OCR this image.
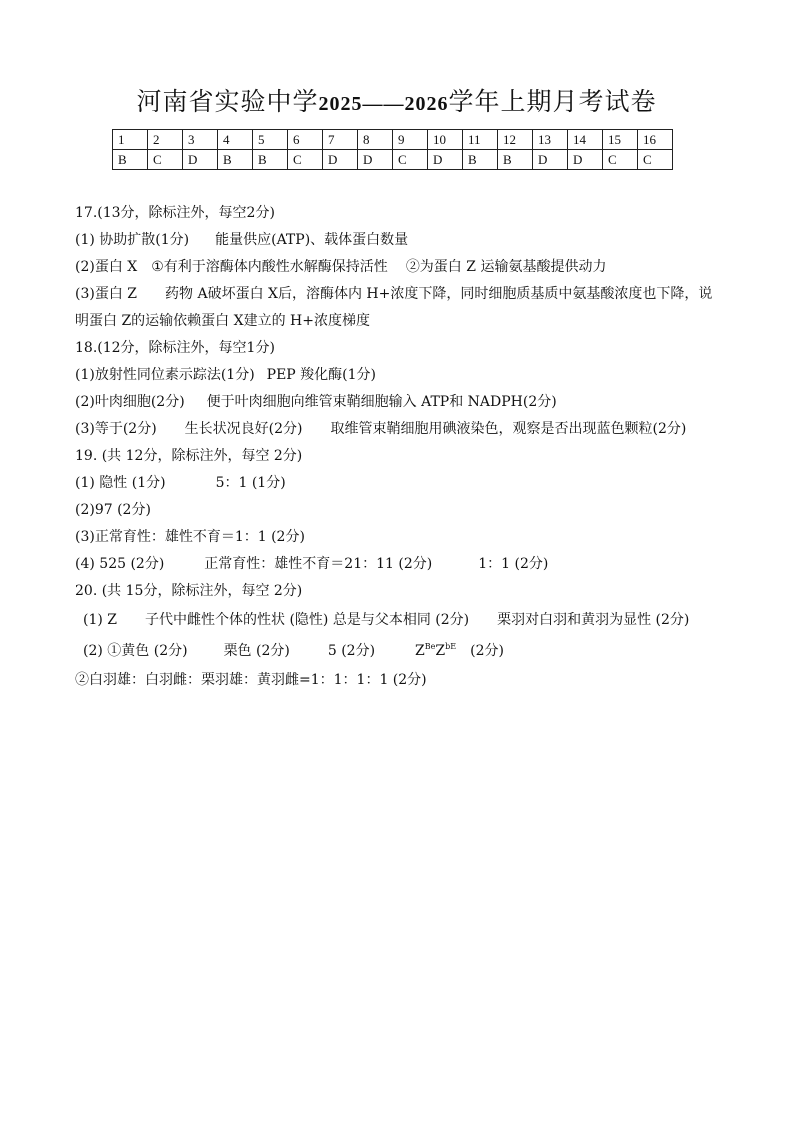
河南省实验中学2025——2026学年上期月考试卷
1	2	3	4	5	6	7	8	9	10	11	12	13	14	15	16
B	C	D	B	B	C	D	D	C	D	B	B	D	D	C	C
17.(13分，除标注外，每空2分)
(1) 协助扩散(1分) 能量供应(ATP)、载体蛋白数量
(2)蛋白 X ①有利于溶酶体内酸性水解酶保持活性 ②为蛋白 Z 运输氨基酸提供动力
(3)蛋白 Z　　药物 A破坏蛋白 X后，溶酶体内 H+浓度下降，同时细胞质基质中氨基酸浓度也下降，说明蛋白 Z的运输依赖蛋白 X建立的 H+浓度梯度
18.(12分，除标注外，每空1分)
(1)放射性同位素示踪法(1分) PEP 羧化酶(1分)
(2)叶肉细胞(2分) 便于叶肉细胞向维管束鞘细胞输入 ATP和 NADPH(2分)
(3)等于(2分)　　生长状况良好(2分)　　取维管束鞘细胞用碘液染色，观察是否出现蓝色颗粒(2分)
19. (共 12分，除标注外，每空 2分)
(1) 隐性 (1分)	5：1 (1分)
(2)97 (2分)
(3)正常育性：雄性不育＝1：1 (2分)
(4) 525 (2分)	正常育性：雄性不育＝21：11 (2分)	1：1 (2分)
20. (共 15分，除标注外，每空 2分)
(1) Z　　子代中雌性个体的性状 (隐性) 总是与父本相同 (2分)　　栗羽对白羽和黄羽为显性 (2分)
(2) ①黄色 (2分)	栗色 (2分)	5 (2分)	$Z^{Be}Z^{bE}$ (2分)
②白羽雄：白羽雌：栗羽雄：黄羽雌=1：1：1：1 (2分)
